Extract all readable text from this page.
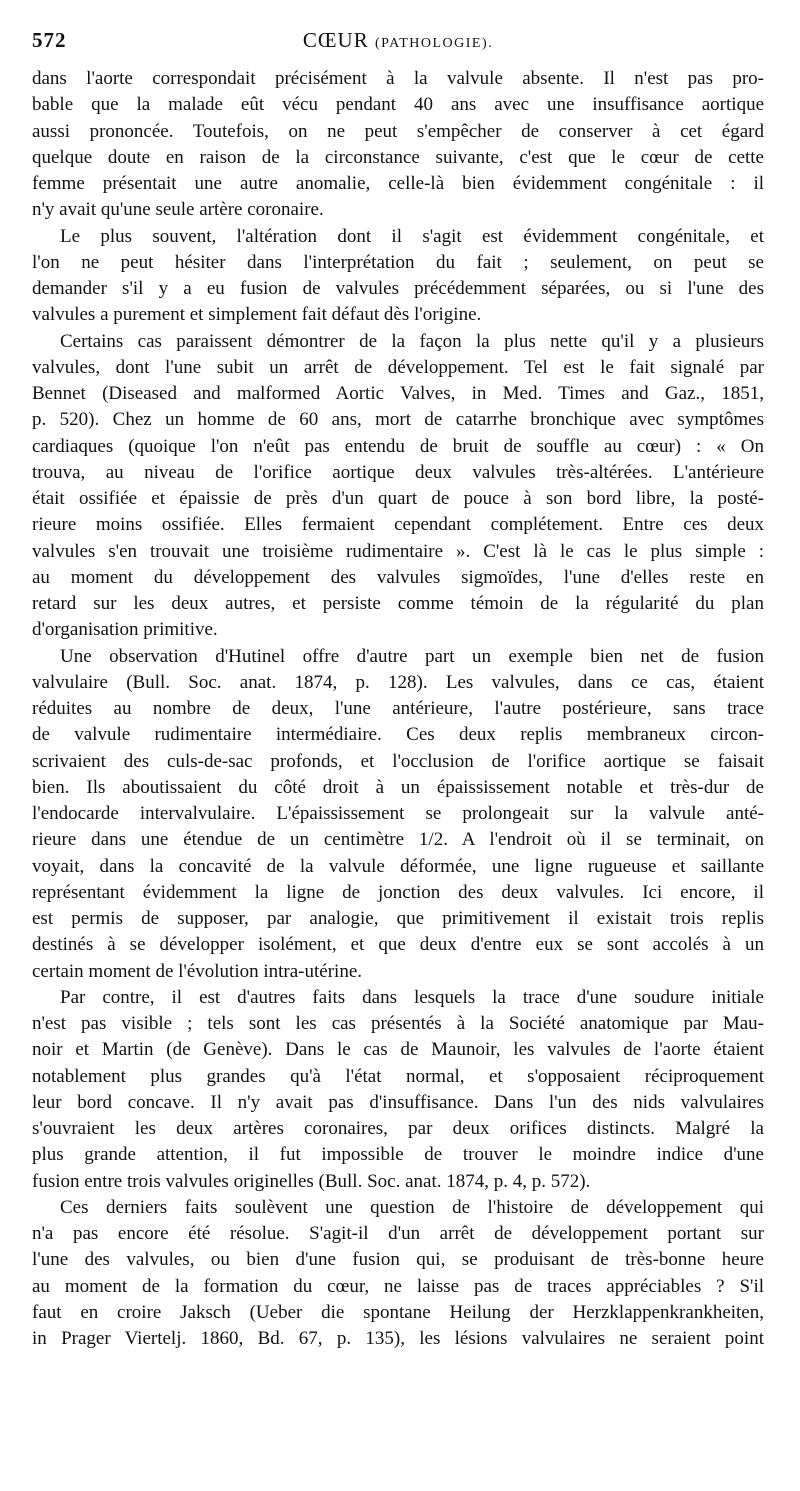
572	CŒUR (PATHOLOGIE).
dans l'aorte correspondait précisément à la valvule absente. Il n'est pas pro-
bable que la malade eût vécu pendant 40 ans avec une insuffisance aortique
aussi prononcée. Toutefois, on ne peut s'empêcher de conserver à cet égard
quelque doute en raison de la circonstance suivante, c'est que le cœur de cette
femme présentait une autre anomalie, celle-là bien évidemment congénitale : il
n'y avait qu'une seule artère coronaire.
Le plus souvent, l'altération dont il s'agit est évidemment congénitale, et
l'on ne peut hésiter dans l'interprétation du fait ; seulement, on peut se
demander s'il y a eu fusion de valvules précédemment séparées, ou si l'une des
valvules a purement et simplement fait défaut dès l'origine.
Certains cas paraissent démontrer de la façon la plus nette qu'il y a plusieurs
valvules, dont l'une subit un arrêt de développement. Tel est le fait signalé par
Bennet (Diseased and malformed Aortic Valves, in Med. Times and Gaz., 1851,
p. 520). Chez un homme de 60 ans, mort de catarrhe bronchique avec symptômes
cardiaques (quoique l'on n'eût pas entendu de bruit de souffle au cœur) : « On
trouva, au niveau de l'orifice aortique deux valvules très-altérées. L'antérieure
était ossifiée et épaissie de près d'un quart de pouce à son bord libre, la posté-
rieure moins ossifiée. Elles fermaient cependant complétement. Entre ces deux
valvules s'en trouvait une troisième rudimentaire ». C'est là le cas le plus simple :
au moment du développement des valvules sigmoïdes, l'une d'elles reste en
retard sur les deux autres, et persiste comme témoin de la régularité du plan
d'organisation primitive.
Une observation d'Hutinel offre d'autre part un exemple bien net de fusion
valvulaire (Bull. Soc. anat. 1874, p. 128). Les valvules, dans ce cas, étaient
réduites au nombre de deux, l'une antérieure, l'autre postérieure, sans trace
de valvule rudimentaire intermédiaire. Ces deux replis membraneux circon-
scrivaient des culs-de-sac profonds, et l'occlusion de l'orifice aortique se faisait
bien. Ils aboutissaient du côté droit à un épaississement notable et très-dur de
l'endocarde intervalvulaire. L'épaississement se prolongeait sur la valvule anté-
rieure dans une étendue de un centimètre 1/2. A l'endroit où il se terminait, on
voyait, dans la concavité de la valvule déformée, une ligne rugueuse et saillante
représentant évidemment la ligne de jonction des deux valvules. Ici encore, il
est permis de supposer, par analogie, que primitivement il existait trois replis
destinés à se développer isolément, et que deux d'entre eux se sont accolés à un
certain moment de l'évolution intra-utérine.
Par contre, il est d'autres faits dans lesquels la trace d'une soudure initiale
n'est pas visible ; tels sont les cas présentés à la Société anatomique par Mau-
noir et Martin (de Genève). Dans le cas de Maunoir, les valvules de l'aorte étaient
notablement plus grandes qu'à l'état normal, et s'opposaient réciproquement
leur bord concave. Il n'y avait pas d'insuffisance. Dans l'un des nids valvulaires
s'ouvraient les deux artères coronaires, par deux orifices distincts. Malgré la
plus grande attention, il fut impossible de trouver le moindre indice d'une
fusion entre trois valvules originelles (Bull. Soc. anat. 1874, p. 4, p. 572).
Ces derniers faits soulèvent une question de l'histoire de développement qui
n'a pas encore été résolue. S'agit-il d'un arrêt de développement portant sur
l'une des valvules, ou bien d'une fusion qui, se produisant de très-bonne heure
au moment de la formation du cœur, ne laisse pas de traces appréciables ? S'il
faut en croire Jaksch (Ueber die spontane Heilung der Herzklappenkrankheiten,
in Prager Viertelj. 1860, Bd. 67, p. 135), les lésions valvulaires ne seraient point
